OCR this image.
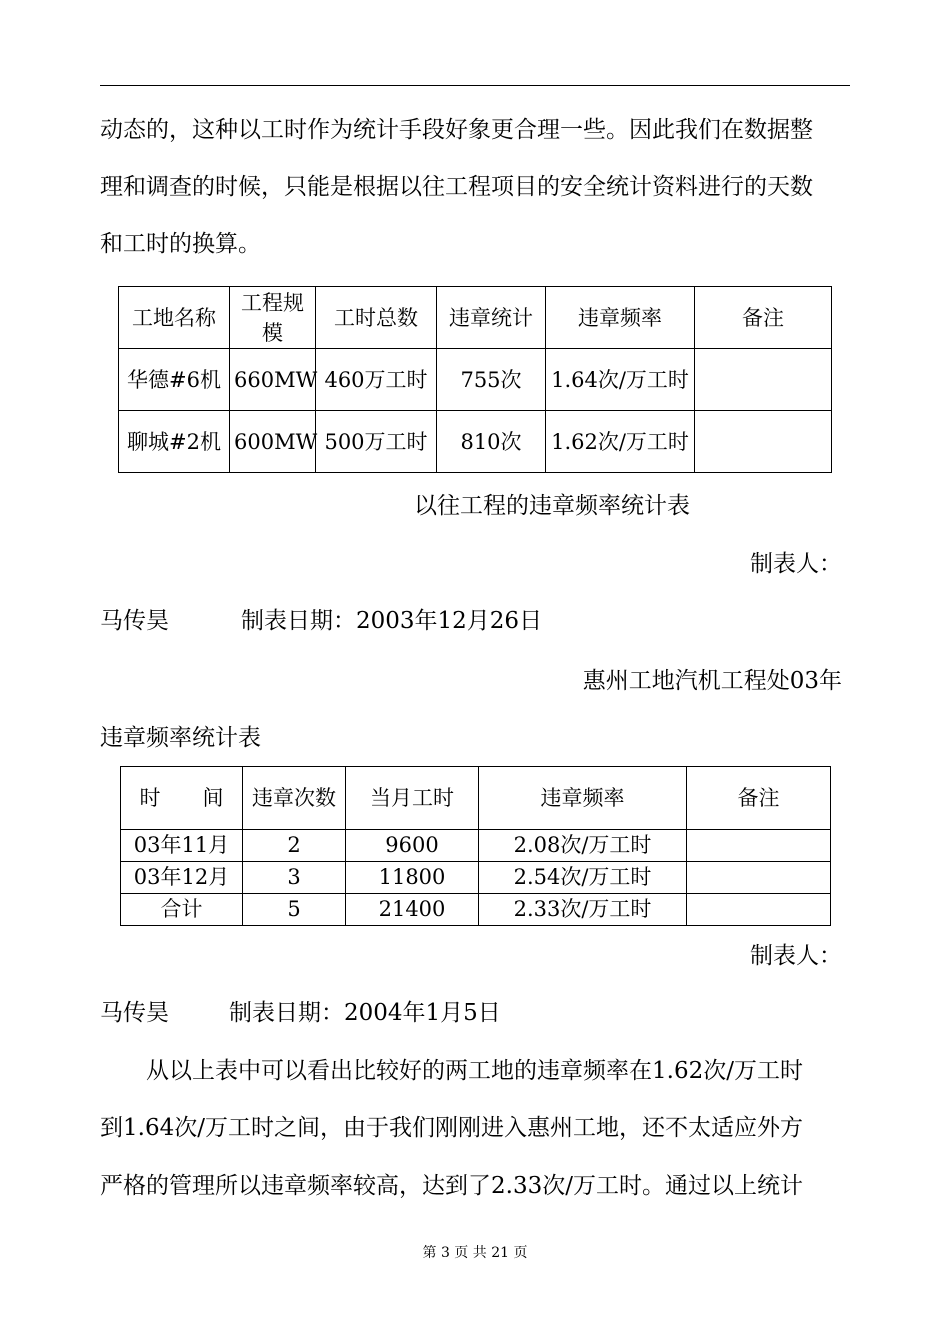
动态的，这种以工时作为统计手段好象更合理一些。因此我们在数据整
理和调查的时候，只能是根据以往工程项目的安全统计资料进行的天数
和工时的换算。
工地名称	工程规模	工时总数	违章统计	违章频率	备注
华德#6机	660MW	460万工时	755次	1.64次/万工时	
聊城#2机	600MW	500万工时	810次	1.62次/万工时	
以往工程的违章频率统计表
制表人：
马传昊	制表日期：2003年12月26日
惠州工地汽机工程处03年
违章频率统计表
时　　间	违章次数	当月工时	违章频率	备注
03年11月	2	9600	2.08次/万工时	
03年12月	3	11800	2.54次/万工时	
合计	5	21400	2.33次/万工时	
制表人：
马传昊	制表日期：2004年1月5日
从以上表中可以看出比较好的两工地的违章频率在1.62次/万工时
到1.64次/万工时之间，由于我们刚刚进入惠州工地，还不太适应外方
严格的管理所以违章频率较高，达到了2.33次/万工时。通过以上统计
第 3 页 共 21 页
